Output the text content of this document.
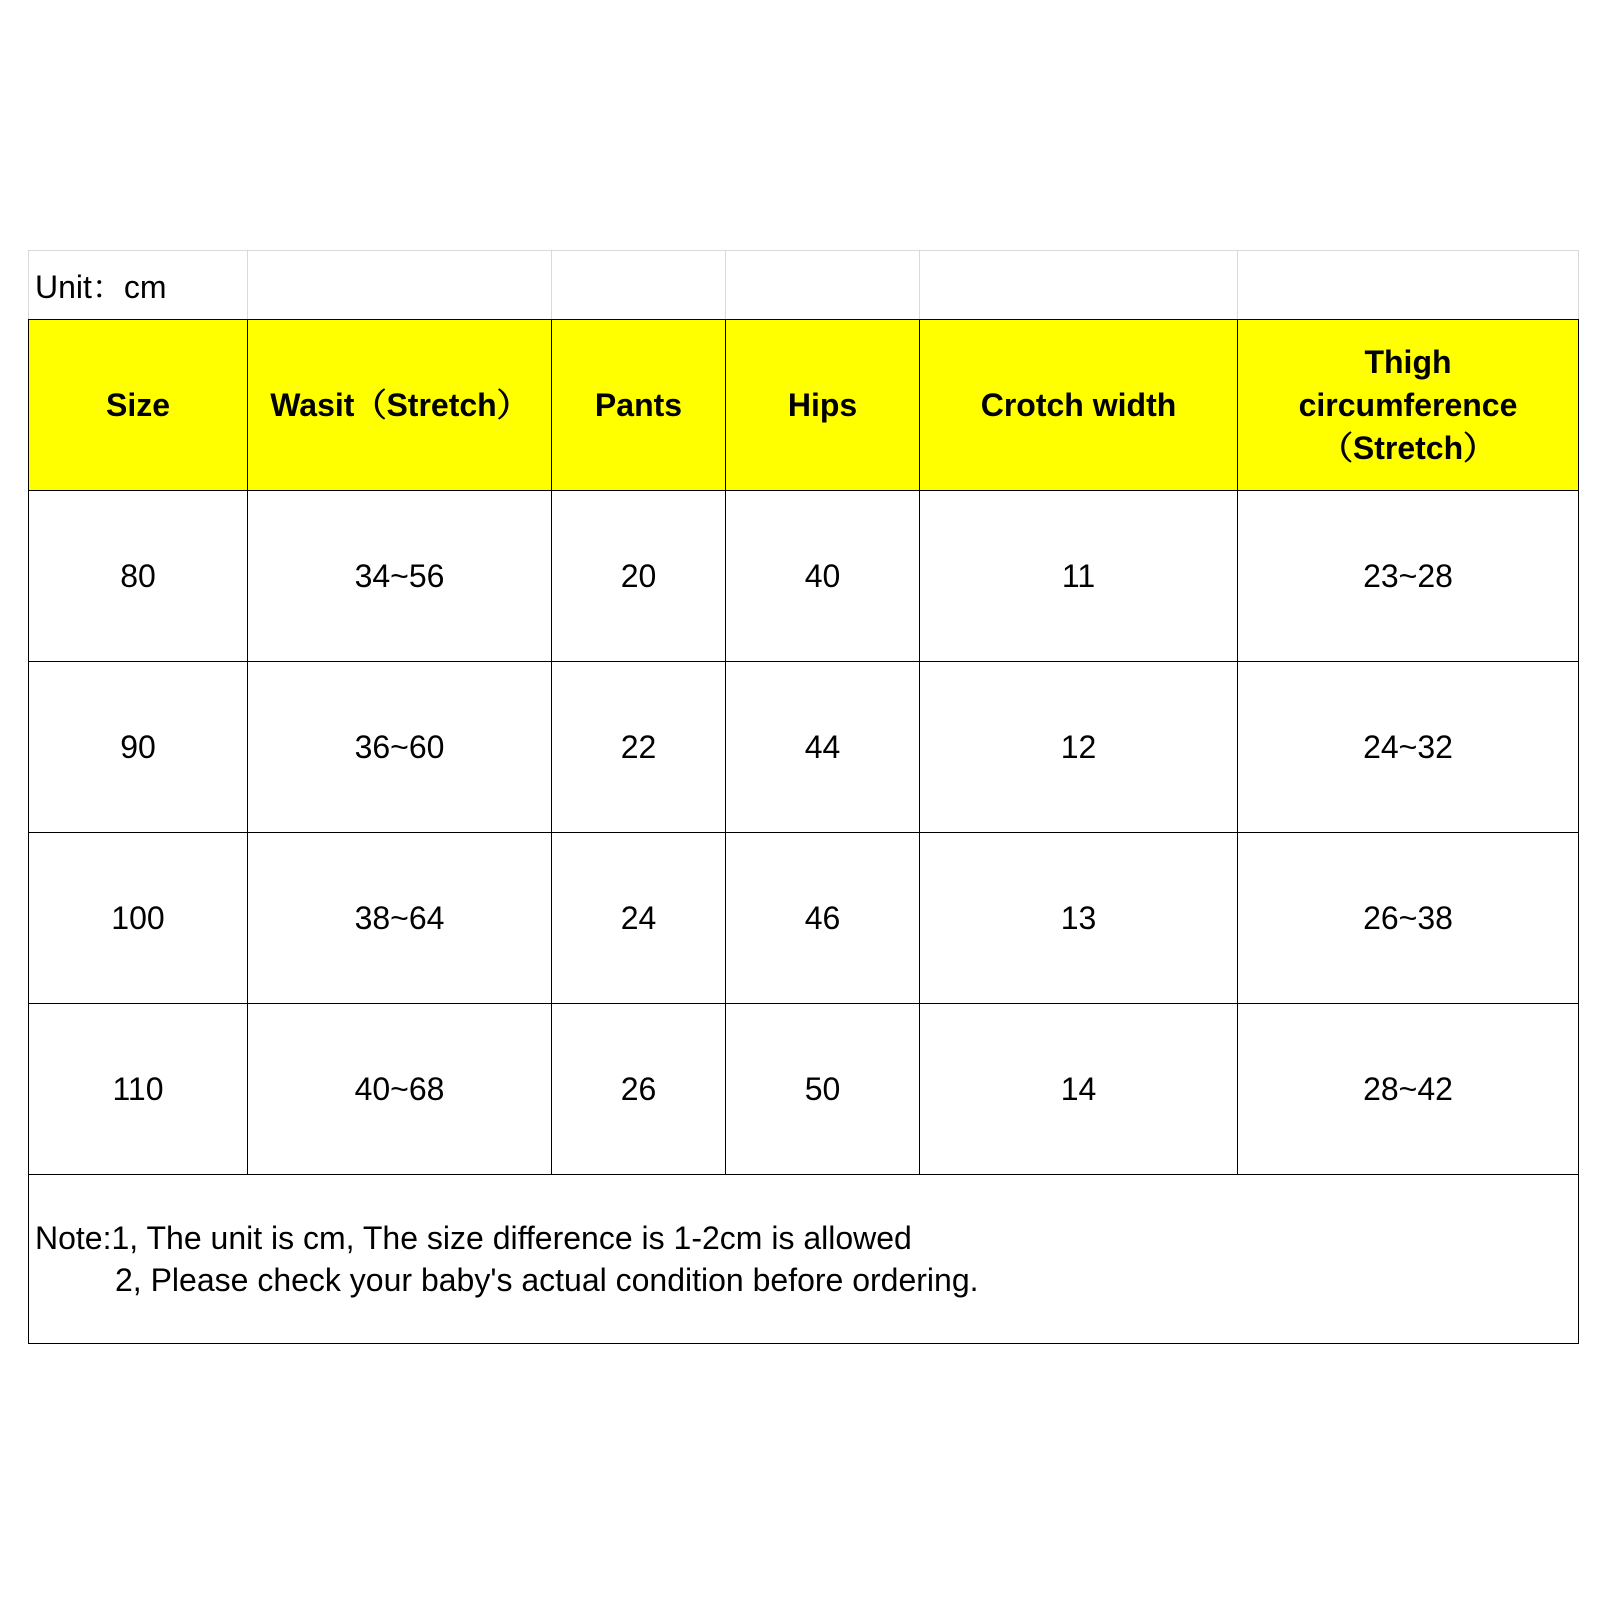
Unit：cm					
Size	Wasit（Stretch）	Pants	Hips	Crotch width	Thigh
circumference
（Stretch）
80	34~56	20	40	11	23~28
90	36~60	22	44	12	24~32
100	38~64	24	46	13	26~38
110	40~68	26	50	14	28~42
Note:1, The unit is cm, The size difference is 1-2cm is allowed
2, Please check your baby's actual condition before ordering.					
